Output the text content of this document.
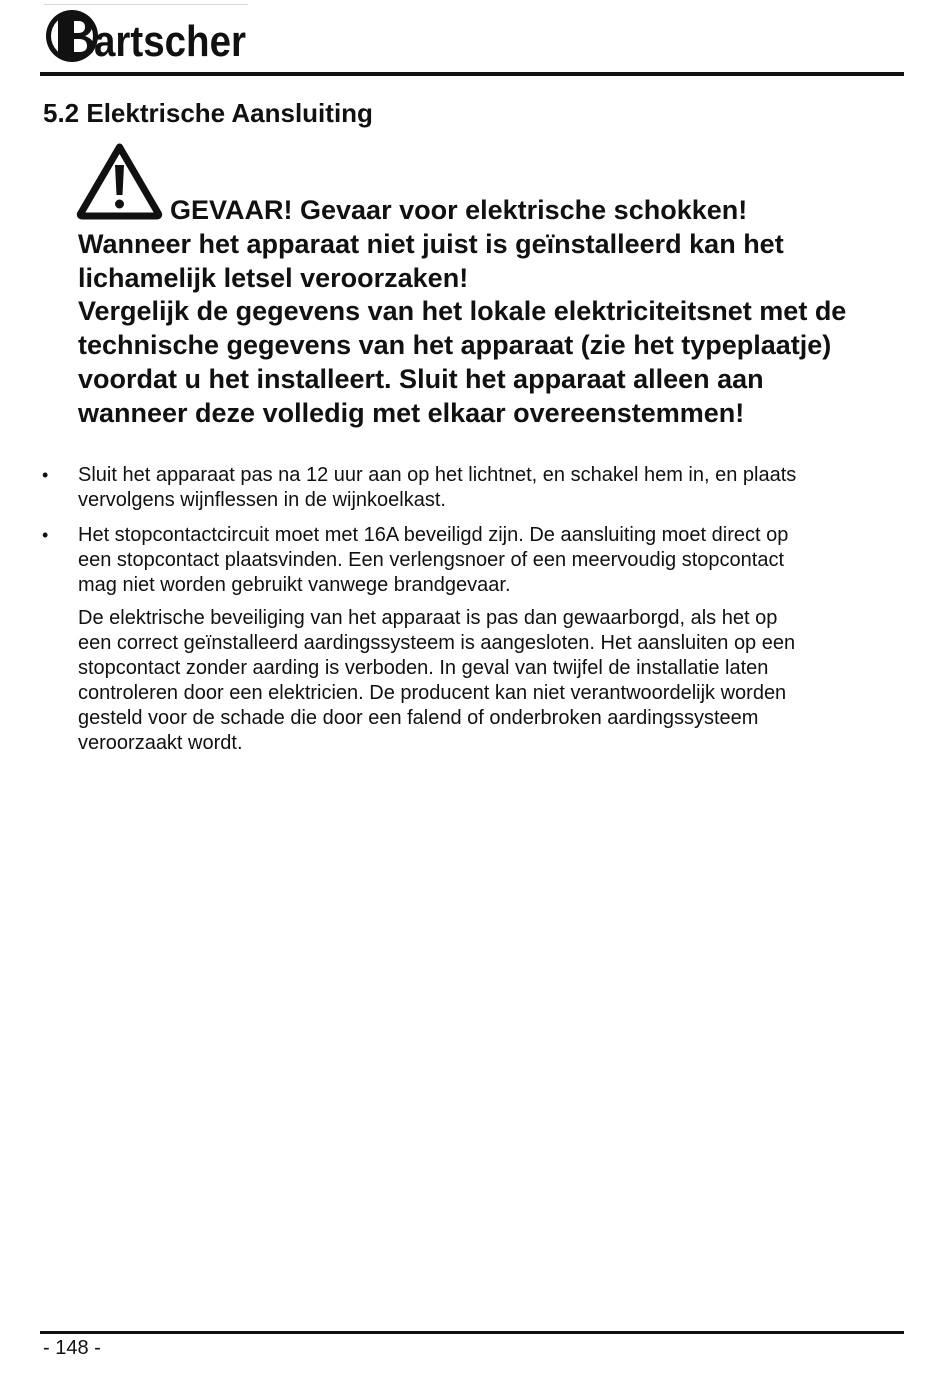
artscher
5.2 Elektrische Aansluiting
GEVAAR! Gevaar voor elektrische schokken!
Wanneer het apparaat niet juist is geïnstalleerd kan het
lichamelijk letsel veroorzaken!
Vergelijk de gegevens van het lokale elektriciteitsnet met de
technische gegevens van het apparaat (zie het typeplaatje)
voordat u het installeert. Sluit het apparaat alleen aan
wanneer deze volledig met elkaar overeenstemmen!
• Sluit het apparaat pas na 12 uur aan op het lichtnet, en schakel hem in, en plaats
vervolgens wijnflessen in de wijnkoelkast.
• Het stopcontactcircuit moet met 16A beveiligd zijn. De aansluiting moet direct op
een stopcontact plaatsvinden. Een verlengsnoer of een meervoudig stopcontact
mag niet worden gebruikt vanwege brandgevaar.

De elektrische beveiliging van het apparaat is pas dan gewaarborgd, als het op
een correct geïnstalleerd aardingssysteem is aangesloten. Het aansluiten op een
stopcontact zonder aarding is verboden. In geval van twijfel de installatie laten
controleren door een elektricien. De producent kan niet verantwoordelijk worden
gesteld voor de schade die door een falend of onderbroken aardingssysteem
veroorzaakt wordt.

- 148 -
